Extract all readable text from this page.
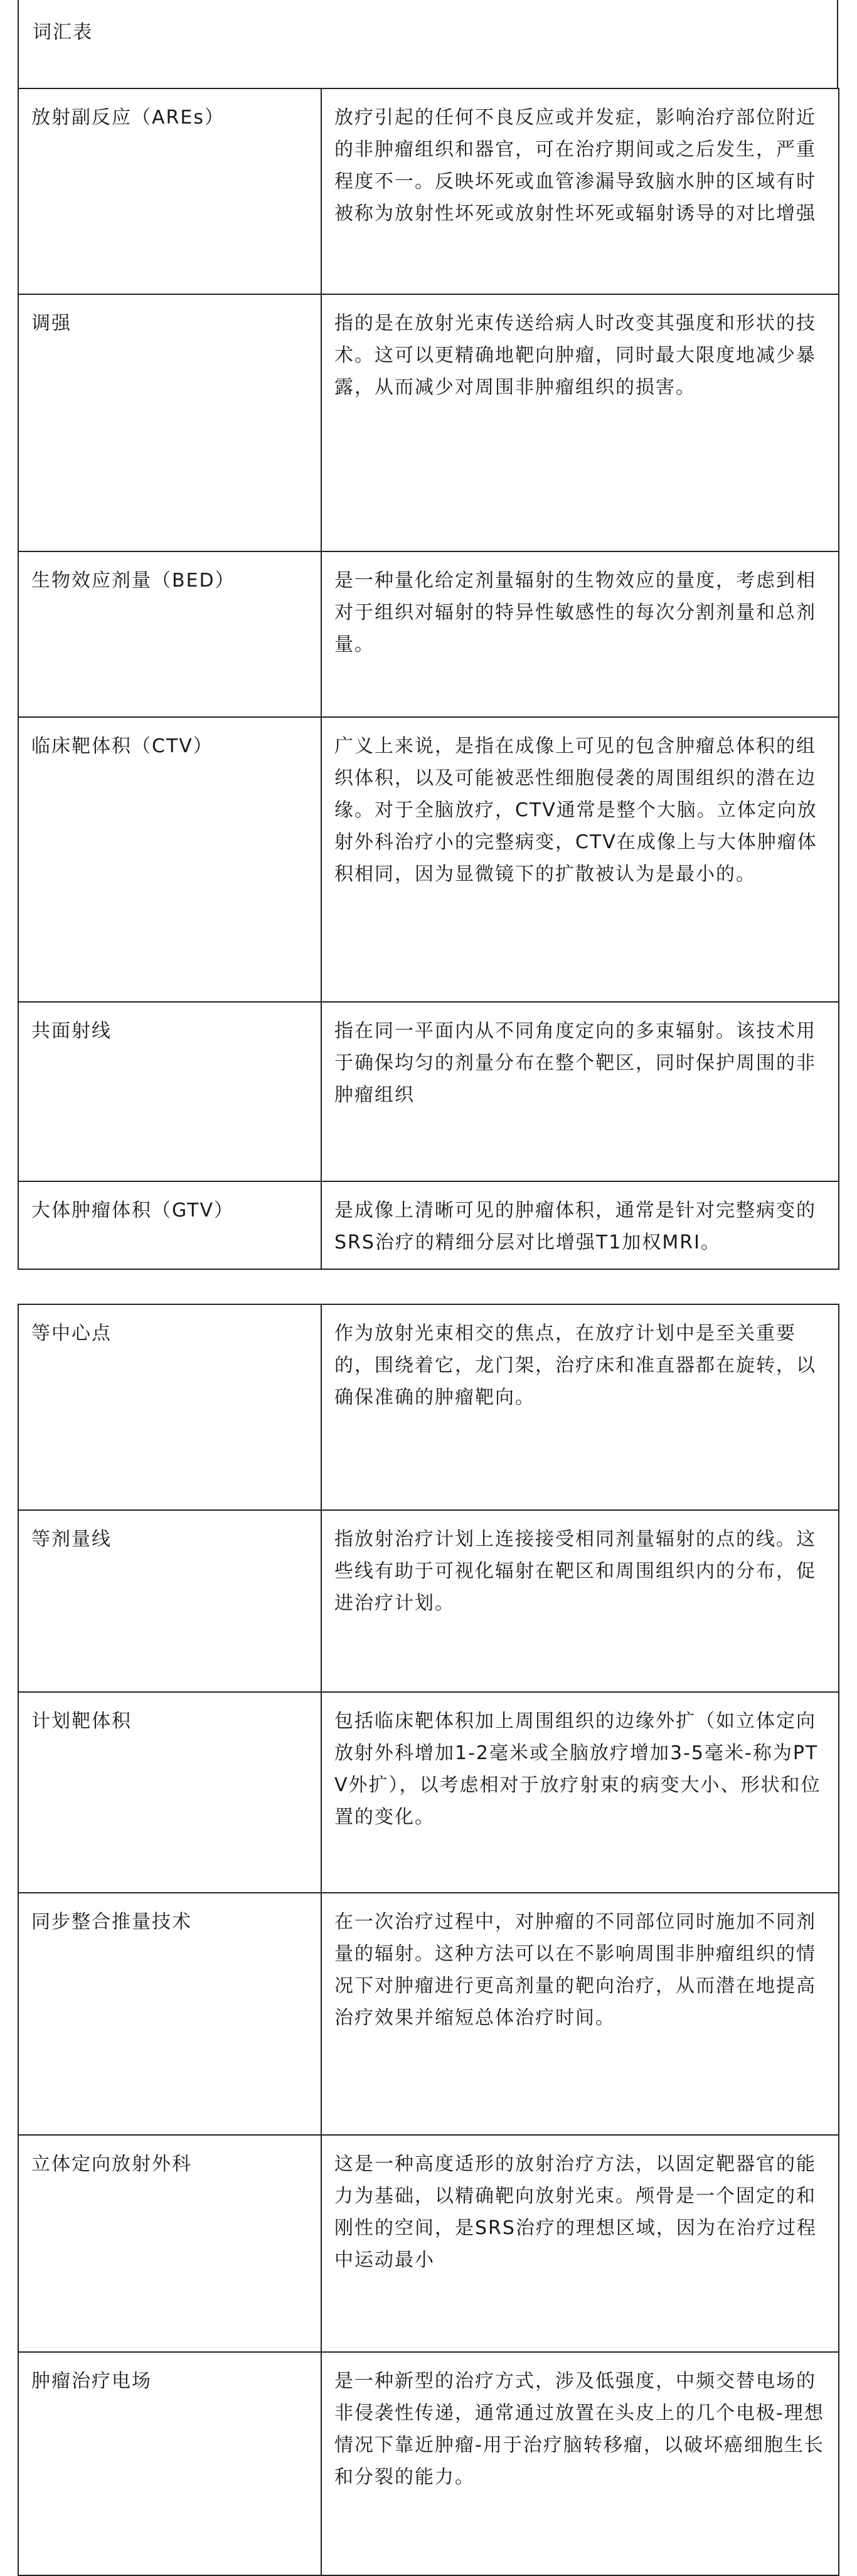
词汇表
放射副反应（AREs）	放疗引起的任何不良反应或并发症，影响治疗部位附近的非肿瘤组织和器官，可在治疗期间或之后发生，严重程度不一。反映坏死或血管渗漏导致脑水肿的区域有时被称为放射性坏死或放射性坏死或辐射诱导的对比增强
调强	指的是在放射光束传送给病人时改变其强度和形状的技术。这可以更精确地靶向肿瘤，同时最大限度地减少暴露，从而减少对周围非肿瘤组织的损害。
生物效应剂量（BED）	是一种量化给定剂量辐射的生物效应的量度，考虑到相对于组织对辐射的特异性敏感性的每次分割剂量和总剂量。
临床靶体积（CTV）	广义上来说，是指在成像上可见的包含肿瘤总体积的组织体积，以及可能被恶性细胞侵袭的周围组织的潜在边缘。对于全脑放疗，CTV通常是整个大脑。立体定向放射外科治疗小的完整病变，CTV在成像上与大体肿瘤体积相同，因为显微镜下的扩散被认为是最小的。
共面射线	指在同一平面内从不同角度定向的多束辐射。该技术用于确保均匀的剂量分布在整个靶区，同时保护周围的非肿瘤组织
大体肿瘤体积（GTV）	是成像上清晰可见的肿瘤体积，通常是针对完整病变的SRS治疗的精细分层对比增强T1加权MRI。
等中心点	作为放射光束相交的焦点，在放疗计划中是至关重要的，围绕着它，龙门架，治疗床和准直器都在旋转，以确保准确的肿瘤靶向。
等剂量线	指放射治疗计划上连接接受相同剂量辐射的点的线。这些线有助于可视化辐射在靶区和周围组织内的分布，促进治疗计划。
计划靶体积	包括临床靶体积加上周围组织的边缘外扩（如立体定向放射外科增加1-2毫米或全脑放疗增加3-5毫米-称为PTV外扩），以考虑相对于放疗射束的病变大小、形状和位置的变化。
同步整合推量技术	在一次治疗过程中，对肿瘤的不同部位同时施加不同剂量的辐射。这种方法可以在不影响周围非肿瘤组织的情况下对肿瘤进行更高剂量的靶向治疗，从而潜在地提高治疗效果并缩短总体治疗时间。
立体定向放射外科	这是一种高度适形的放射治疗方法，以固定靶器官的能力为基础，以精确靶向放射光束。颅骨是一个固定的和刚性的空间，是SRS治疗的理想区域，因为在治疗过程中运动最小
肿瘤治疗电场	是一种新型的治疗方式，涉及低强度，中频交替电场的非侵袭性传递，通常通过放置在头皮上的几个电极-理想情况下靠近肿瘤-用于治疗脑转移瘤，以破坏癌细胞生长和分裂的能力。
